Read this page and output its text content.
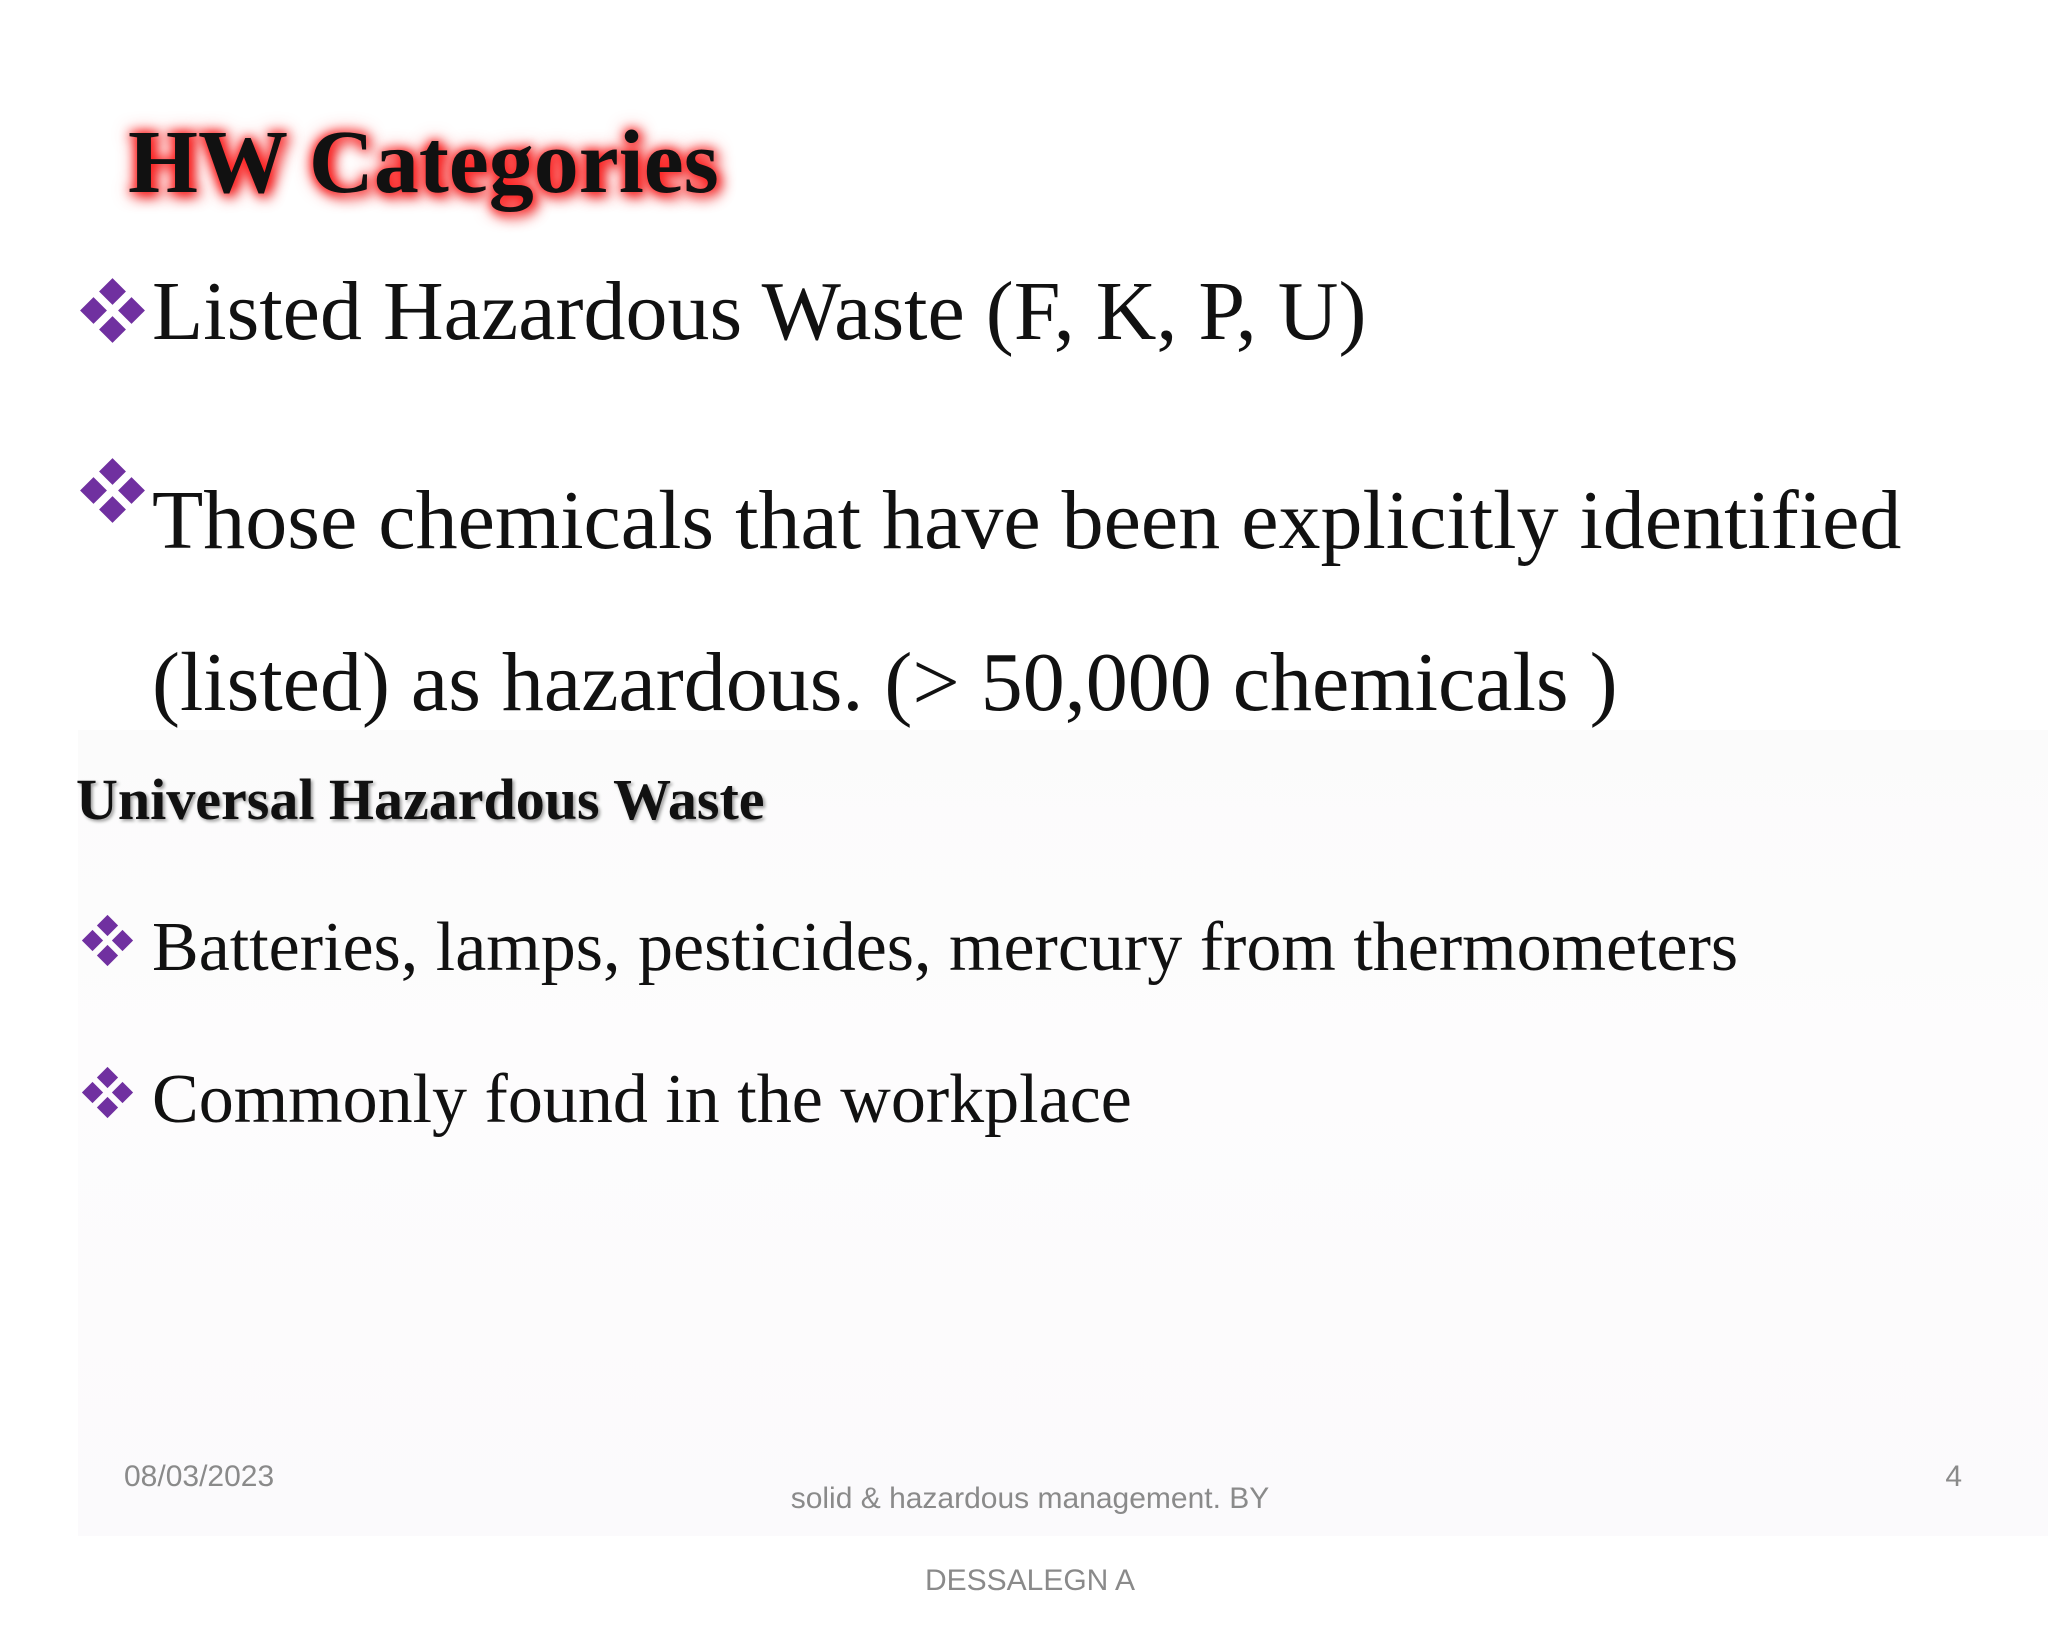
HW Categories
Listed Hazardous Waste (F, K, P, U)
Those chemicals that have been explicitly identified (listed) as hazardous. (> 50,000 chemicals )
Universal Hazardous Waste
Batteries, lamps, pesticides, mercury from thermometers
Commonly found in the workplace
08/03/2023

solid & hazardous management. BY

DESSALEGN A

4
